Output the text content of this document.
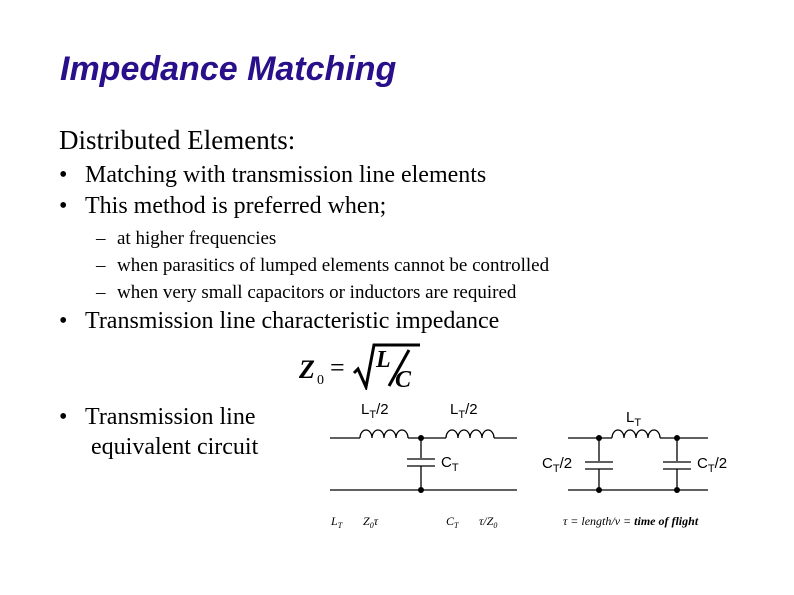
Impedance Matching
Distributed Elements:
• Matching with transmission line elements
• This method is preferred when;
– at higher frequencies
– when parasitics of lumped elements cannot be controlled
– when very small capacitors or inductors are required
• Transmission line characteristic impedance
• Transmission line
equivalent circuit
Z 0 = L
C
$L_T/2$	$L_T/2$
$C_T$
$L_T$
$C_T/2$	$C_T/2$
$L_T$ $Z_0\tau$	$C_T$ $\tau/Z_0$	τ = length/v = time of flight
